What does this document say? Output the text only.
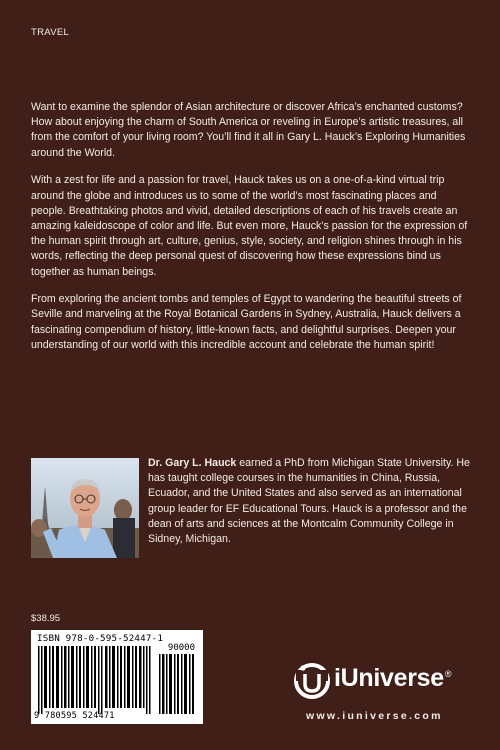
TRAVEL

Want to examine the splendor of Asian architecture or discover Africa’s enchanted customs? How about enjoying the charm of South America or reveling in Europe’s artistic treasures, all from the comfort of your living room? You’ll find it all in Gary L. Hauck’s Exploring Humanities around the World.

With a zest for life and a passion for travel, Hauck takes us on a one-of-a-kind virtual trip around the globe and introduces us to some of the world’s most fascinating places and people. Breathtaking photos and vivid, detailed descriptions of each of his travels create an amazing kaleidoscope of color and life. But even more, Hauck’s passion for the expression of the human spirit through art, culture, genius, style, society, and religion shines through in his words, reflecting the deep personal quest of discovering how these expressions bind us together as human beings.

From exploring the ancient tombs and temples of Egypt to wandering the beautiful streets of Seville and marveling at the Royal Botanical Gardens in Sydney, Australia, Hauck delivers a fascinating compendium of history, little-known facts, and delightful surprises. Deepen your understanding of our world with this incredible account and celebrate the human spirit!

Dr. Gary L. Hauck earned a PhD from Michigan State University. He has taught college courses in the humanities in China, Russia, Ecuador, and the United States and also served as an international group leader for EF Educational Tours. Hauck is a professor and the dean of arts and sciences at the Montcalm Community College in Sidney, Michigan.
$38.95
ISBN 978-0-595-52447-1
90000
9 780595 524471
iUniverse®
www.iuniverse.com
